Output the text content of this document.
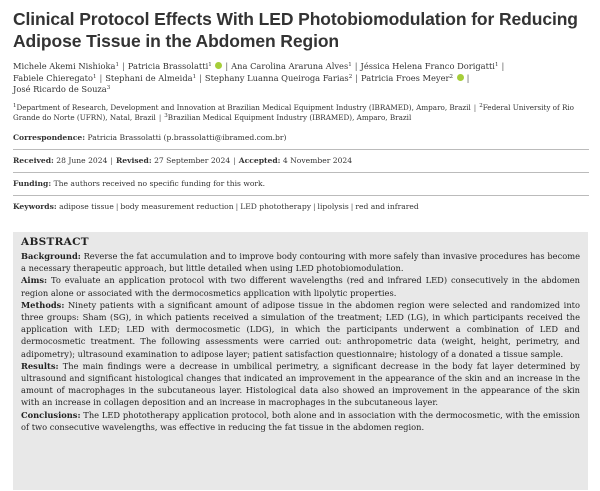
Clinical Protocol Effects With LED Photobiomodulation for Reducing Adipose Tissue in the Abdomen Region
Michele Akemi Nishioka$^1$ | Patricia Brassolatti$^1$ | Ana Carolina Araruna Alves$^1$ | Jéssica Helena Franco Dorigatti$^1$ |
Fabiele Chieregato$^1$ | Stephani de Almeida$^1$ | Stephany Luanna Queiroga Farias$^2$ | Patricia Froes Meyer$^2$ |
José Ricardo de Souza$^3$
$^1$Department of Research, Development and Innovation at Brazilian Medical Equipment Industry (IBRAMED), Amparo, Brazil | $^2$Federal University of Rio Grande do Norte (UFRN), Natal, Brazil | $^3$Brazilian Medical Equipment Industry (IBRAMED), Amparo, Brazil
Correspondence: Patricia Brassolatti (p.brassolatti@ibramed.com.br)
Received: 28 June 2024 | Revised: 27 September 2024 | Accepted: 4 November 2024
Funding: The authors received no specific funding for this work.
Keywords: adipose tissue | body measurement reduction | LED phototherapy | lipolysis | red and infrared
ABSTRACT

Background: Reverse the fat accumulation and to improve body contouring with more safely than invasive procedures has become a necessary therapeutic approach, but little detailed when using LED photobiomodulation.

Aims: To evaluate an application protocol with two different wavelengths (red and infrared LED) consecutively in the abdomen region alone or associated with the dermocosmetics application with lipolytic properties.

Methods: Ninety patients with a significant amount of adipose tissue in the abdomen region were selected and randomized into three groups: Sham (SG), in which patients received a simulation of the treatment; LED (LG), in which participants received the application with LED; LED with dermocosmetic (LDG), in which the participants underwent a combination of LED and dermocosmetic treatment. The following assessments were carried out: anthropometric data (weight, height, perimetry, and adipometry); ultrasound examination to adipose layer; patient satisfaction questionnaire; histology of a donated a tissue sample.

Results: The main findings were a decrease in umbilical perimetry, a significant decrease in the body fat layer determined by ultrasound and significant histological changes that indicated an improvement in the appearance of the skin and an increase in the amount of macrophages in the subcutaneous layer. Histological data also showed an improvement in the appearance of the skin with an increase in collagen deposition and an increase in macrophages in the subcutaneous layer.

Conclusions: The LED phototherapy application protocol, both alone and in association with the dermocosmetic, with the emission of two consecutive wavelengths, was effective in reducing the fat tissue in the abdomen region.
